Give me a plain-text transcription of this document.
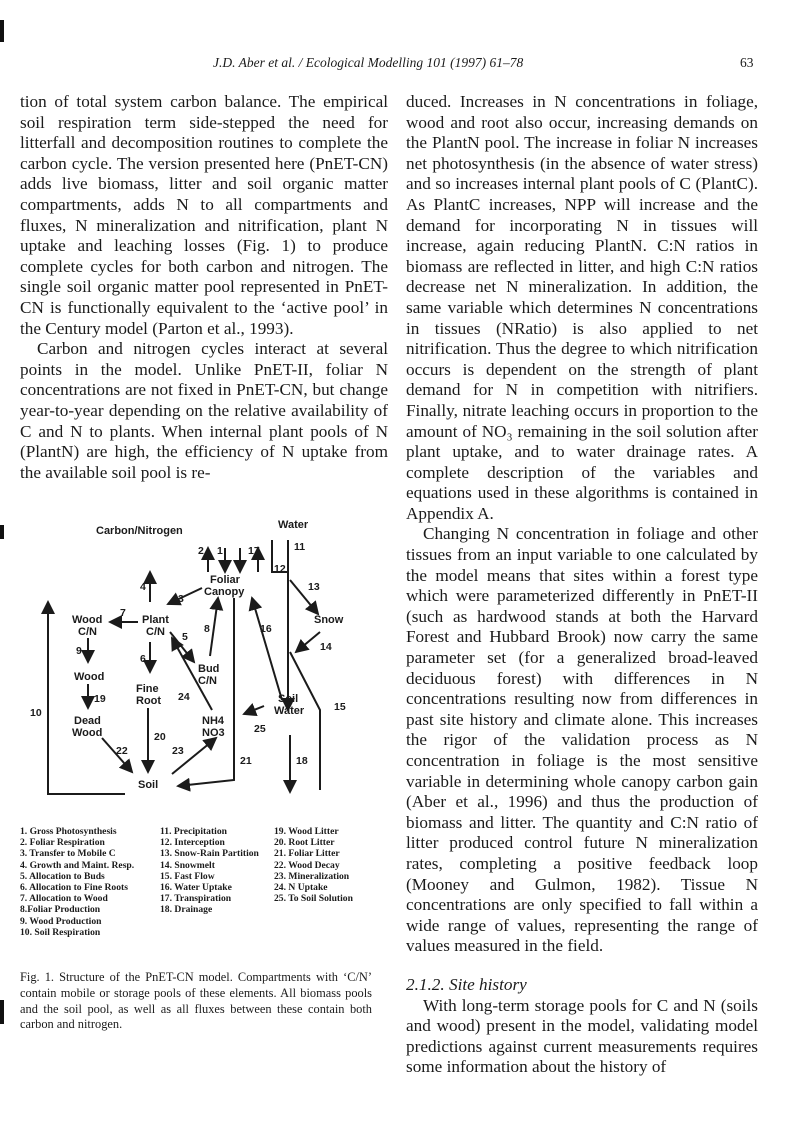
J.D. Aber et al. / Ecological Modelling 101 (1997) 61–78	63

tion of total system carbon balance. The empirical soil respiration term side-stepped the need for litterfall and decomposition routines to complete the carbon cycle. The version presented here (PnET-CN) adds live biomass, litter and soil organic matter compartments, adds N to all compartments and fluxes, N mineralization and nitrification, plant N uptake and leaching losses (Fig. 1) to produce complete cycles for both carbon and nitrogen. The single soil organic matter pool represented in PnET-CN is functionally equivalent to the ‘active pool’ in the Century model (Parton et al., 1993).

Carbon and nitrogen cycles interact at several points in the model. Unlike PnET-II, foliar N concentrations are not fixed in PnET-CN, but change year-to-year depending on the relative availability of C and N to plants. When internal plant pools of N (PlantN) are high, the efficiency of N uptake from the available soil pool is re-

Carbon/Nitrogen	Water
Foliar
Canopy
Snow
Wood
C/N
Plant
C/N
Bud
C/N
Wood
Fine
Root
Dead
Wood
Soil
Water
NH4
NO3
Soil
2 1 17	11
12
13
14
15
16
18
3
4
7
5
8
6
9
19
22
20
24
23
25
21
10
1. Gross Photosynthesis
2. Foliar Respiration
3. Transfer to Mobile C
4. Growth and Maint. Resp.
5. Allocation to Buds
6. Allocation to Fine Roots
7. Allocation to Wood
8.Foliar Production
9. Wood Production
10. Soil Respiration
11. Precipitation
12. Interception
13. Snow-Rain Partition
14. Snowmelt
15. Fast Flow
16. Water Uptake
17. Transpiration
18. Drainage
19. Wood Litter
20. Root Litter
21. Foliar Litter
22. Wood Decay
23. Mineralization
24. N Uptake
25. To Soil Solution
Fig. 1. Structure of the PnET-CN model. Compartments with ‘C/N’ contain mobile or storage pools of these elements. All biomass pools and the soil pool, as well as all fluxes between these contain both carbon and nitrogen.

duced. Increases in N concentrations in foliage, wood and root also occur, increasing demands on the PlantN pool. The increase in foliar N increases net photosynthesis (in the absence of water stress) and so increases internal plant pools of C (PlantC). As PlantC increases, NPP will increase and the demand for incorporating N in tissues will increase, again reducing PlantN. C:N ratios in biomass are reflected in litter, and high C:N ratios decrease net N mineralization. In addition, the same variable which determines N concentrations in tissues (NRatio) is also applied to net nitrification. Thus the degree to which nitrification occurs is dependent on the strength of plant demand for N in competition with nitrifiers. Finally, nitrate leaching occurs in proportion to the amount of NO₃ remaining in the soil solution after plant uptake, and to water drainage rates. A complete description of the variables and equations used in these algorithms is contained in Appendix A.

Changing N concentration in foliage and other tissues from an input variable to one calculated by the model means that sites within a forest type which were parameterized differently in PnET-II (such as hardwood stands at both the Harvard Forest and Hubbard Brook) now carry the same parameter set (for a generalized broad-leaved deciduous forest) with differences in N concentrations resulting now from differences in past site history and climate alone. This increases the rigor of the validation process as N concentration in foliage is the most sensitive variable in determining whole canopy carbon gain (Aber et al., 1996) and thus the production of biomass and litter. The quantity and C:N ratio of litter produced control future N mineralization rates, completing a positive feedback loop (Mooney and Gulmon, 1982). Tissue N concentrations are only specified to fall within a wide range of values, representing the range of values measured in the field.

2.1.2. Site history

With long-term storage pools for C and N (soils and wood) present in the model, validating model predictions against current measurements requires some information about the history of
